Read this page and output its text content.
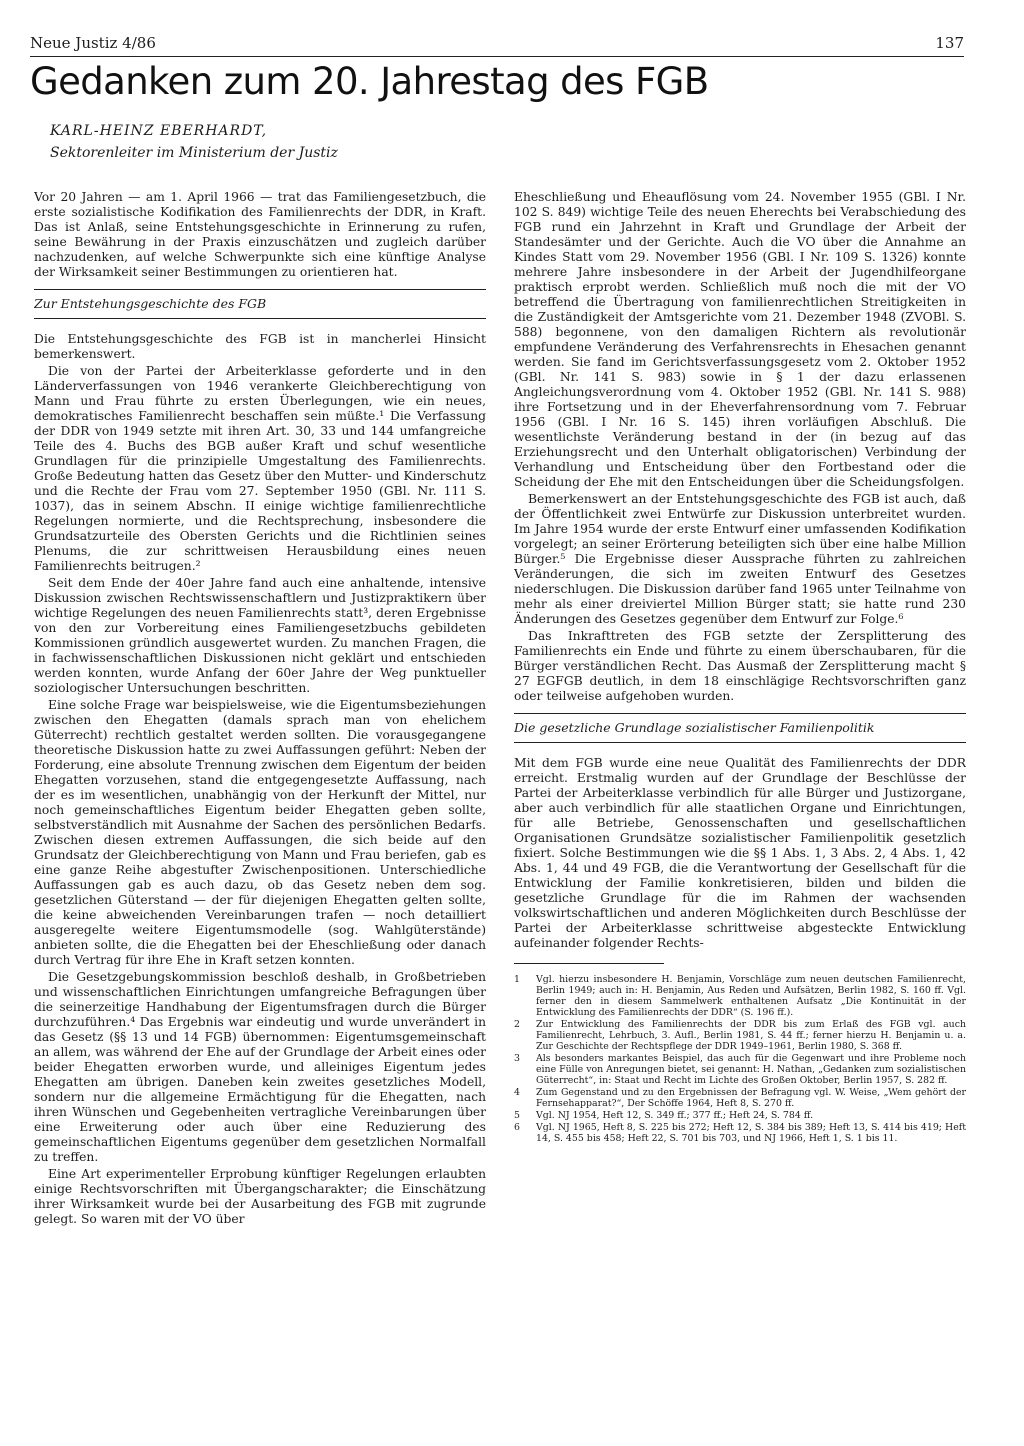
Neue Justiz 4/86	137
Gedanken zum 20. Jahrestag des FGB

KARL-HEINZ EBERHARDT,

Sektorenleiter im Ministerium der Justiz

Vor 20 Jahren — am 1. April 1966 — trat das Familiengesetzbuch, die erste sozialistische Kodifikation des Familienrechts der DDR, in Kraft. Das ist Anlaß, seine Entstehungsgeschichte in Erinnerung zu rufen, seine Bewährung in der Praxis einzuschätzen und zugleich darüber nachzudenken, auf welche Schwerpunkte sich eine künftige Analyse der Wirksamkeit seiner Bestimmungen zu orientieren hat.

Zur Entstehungsgeschichte des FGB

Die Entstehungsgeschichte des FGB ist in mancherlei Hinsicht bemerkenswert.

Die von der Partei der Arbeiterklasse geforderte und in den Länderverfassungen von 1946 verankerte Gleichberechtigung von Mann und Frau führte zu ersten Überlegungen, wie ein neues, demokratisches Familienrecht beschaffen sein müßte.¹ Die Verfassung der DDR von 1949 setzte mit ihren Art. 30, 33 und 144 umfangreiche Teile des 4. Buchs des BGB außer Kraft und schuf wesentliche Grundlagen für die prinzipielle Umgestaltung des Familienrechts. Große Bedeutung hatten das Gesetz über den Mutter- und Kinderschutz und die Rechte der Frau vom 27. September 1950 (GBl. Nr. 111 S. 1037), das in seinem Abschn. II einige wichtige familienrechtliche Regelungen normierte, und die Rechtsprechung, insbesondere die Grundsatzurteile des Obersten Gerichts und die Richtlinien seines Plenums, die zur schrittweisen Herausbildung eines neuen Familienrechts beitrugen.²

Seit dem Ende der 40er Jahre fand auch eine anhaltende, intensive Diskussion zwischen Rechtswissenschaftlern und Justizpraktikern über wichtige Regelungen des neuen Familienrechts statt³, deren Ergebnisse von den zur Vorbereitung eines Familiengesetzbuchs gebildeten Kommissionen gründlich ausgewertet wurden. Zu manchen Fragen, die in fachwissenschaftlichen Diskussionen nicht geklärt und entschieden werden konnten, wurde Anfang der 60er Jahre der Weg punktueller soziologischer Untersuchungen beschritten.

Eine solche Frage war beispielsweise, wie die Eigentumsbeziehungen zwischen den Ehegatten (damals sprach man von ehelichem Güterrecht) rechtlich gestaltet werden sollten. Die vorausgegangene theoretische Diskussion hatte zu zwei Auffassungen geführt: Neben der Forderung, eine absolute Trennung zwischen dem Eigentum der beiden Ehegatten vorzusehen, stand die entgegengesetzte Auffassung, nach der es im wesentlichen, unabhängig von der Herkunft der Mittel, nur noch gemeinschaftliches Eigentum beider Ehegatten geben sollte, selbstverständlich mit Ausnahme der Sachen des persönlichen Bedarfs. Zwischen diesen extremen Auffassungen, die sich beide auf den Grundsatz der Gleichberechtigung von Mann und Frau beriefen, gab es eine ganze Reihe abgestufter Zwischenpositionen. Unterschiedliche Auffassungen gab es auch dazu, ob das Gesetz neben dem sog. gesetzlichen Güterstand — der für diejenigen Ehegatten gelten sollte, die keine abweichenden Vereinbarungen trafen — noch detailliert ausgeregelte weitere Eigentumsmodelle (sog. Wahlgüterstände) anbieten sollte, die die Ehegatten bei der Eheschließung oder danach durch Vertrag für ihre Ehe in Kraft setzen konnten.

Die Gesetzgebungskommission beschloß deshalb, in Großbetrieben und wissenschaftlichen Einrichtungen umfangreiche Befragungen über die seinerzeitige Handhabung der Eigentumsfragen durch die Bürger durchzuführen.⁴ Das Ergebnis war eindeutig und wurde unverändert in das Gesetz (§§ 13 und 14 FGB) übernommen: Eigentumsgemeinschaft an allem, was während der Ehe auf der Grundlage der Arbeit eines oder beider Ehegatten erworben wurde, und alleiniges Eigentum jedes Ehegatten am übrigen. Daneben kein zweites gesetzliches Modell, sondern nur die allgemeine Ermächtigung für die Ehegatten, nach ihren Wünschen und Gegebenheiten vertragliche Vereinbarungen über eine Erweiterung oder auch über eine Reduzierung des gemeinschaftlichen Eigentums gegenüber dem gesetzlichen Normalfall zu treffen.

Eine Art experimenteller Erprobung künftiger Regelungen erlaubten einige Rechtsvorschriften mit Übergangscharakter; die Einschätzung ihrer Wirksamkeit wurde bei der Ausarbeitung des FGB mit zugrunde gelegt. So waren mit der VO über

Eheschließung und Eheauflösung vom 24. November 1955 (GBl. I Nr. 102 S. 849) wichtige Teile des neuen Eherechts bei Verabschiedung des FGB rund ein Jahrzehnt in Kraft und Grundlage der Arbeit der Standesämter und der Gerichte. Auch die VO über die Annahme an Kindes Statt vom 29. November 1956 (GBl. I Nr. 109 S. 1326) konnte mehrere Jahre insbesondere in der Arbeit der Jugendhilfeorgane praktisch erprobt werden. Schließlich muß noch die mit der VO betreffend die Übertragung von familienrechtlichen Streitigkeiten in die Zuständigkeit der Amtsgerichte vom 21. Dezember 1948 (ZVOBl. S. 588) begonnene, von den damaligen Richtern als revolutionär empfundene Veränderung des Verfahrensrechts in Ehesachen genannt werden. Sie fand im Gerichtsverfassungsgesetz vom 2. Oktober 1952 (GBl. Nr. 141 S. 983) sowie in § 1 der dazu erlassenen Angleichungsverordnung vom 4. Oktober 1952 (GBl. Nr. 141 S. 988) ihre Fortsetzung und in der Eheverfahrensordnung vom 7. Februar 1956 (GBl. I Nr. 16 S. 145) ihren vorläufigen Abschluß. Die wesentlichste Veränderung bestand in der (in bezug auf das Erziehungsrecht und den Unterhalt obligatorischen) Verbindung der Verhandlung und Entscheidung über den Fortbestand oder die Scheidung der Ehe mit den Entscheidungen über die Scheidungsfolgen.

Bemerkenswert an der Entstehungsgeschichte des FGB ist auch, daß der Öffentlichkeit zwei Entwürfe zur Diskussion unterbreitet wurden. Im Jahre 1954 wurde der erste Entwurf einer umfassenden Kodifikation vorgelegt; an seiner Erörterung beteiligten sich über eine halbe Million Bürger.⁵ Die Ergebnisse dieser Aussprache führten zu zahlreichen Veränderungen, die sich im zweiten Entwurf des Gesetzes niederschlugen. Die Diskussion darüber fand 1965 unter Teilnahme von mehr als einer dreiviertel Million Bürger statt; sie hatte rund 230 Änderungen des Gesetzes gegenüber dem Entwurf zur Folge.⁶

Das Inkrafttreten des FGB setzte der Zersplitterung des Familienrechts ein Ende und führte zu einem überschaubaren, für die Bürger verständlichen Recht. Das Ausmaß der Zersplitterung macht § 27 EGFGB deutlich, in dem 18 einschlägige Rechtsvorschriften ganz oder teilweise aufgehoben wurden.

Die gesetzliche Grundlage sozialistischer Familienpolitik

Mit dem FGB wurde eine neue Qualität des Familienrechts der DDR erreicht. Erstmalig wurden auf der Grundlage der Beschlüsse der Partei der Arbeiterklasse verbindlich für alle Bürger und Justizorgane, aber auch verbindlich für alle staatlichen Organe und Einrichtungen, für alle Betriebe, Genossenschaften und gesellschaftlichen Organisationen Grundsätze sozialistischer Familienpolitik gesetzlich fixiert. Solche Bestimmungen wie die §§ 1 Abs. 1, 3 Abs. 2, 4 Abs. 1, 42 Abs. 1, 44 und 49 FGB, die die Verantwortung der Gesellschaft für die Entwicklung der Familie konkretisieren, bilden und bilden die gesetzliche Grundlage für die im Rahmen der wachsenden volkswirtschaftlichen und anderen Möglichkeiten durch Beschlüsse der Partei der Arbeiterklasse schrittweise abgesteckte Entwicklung aufeinander folgender Rechts-

1	Vgl. hierzu insbesondere H. Benjamin, Vorschläge zum neuen deutschen Familienrecht, Berlin 1949; auch in: H. Benjamin, Aus Reden und Aufsätzen, Berlin 1982, S. 160 ff. Vgl. ferner den in diesem Sammelwerk enthaltenen Aufsatz „Die Kontinuität in der Entwicklung des Familienrechts der DDR“ (S. 196 ff.).
2	Zur Entwicklung des Familienrechts der DDR bis zum Erlaß des FGB vgl. auch Familienrecht, Lehrbuch, 3. Aufl., Berlin 1981, S. 44 ff.; ferner hierzu H. Benjamin u. a. Zur Geschichte der Rechtspflege der DDR 1949–1961, Berlin 1980, S. 368 ff.
3	Als besonders markantes Beispiel, das auch für die Gegenwart und ihre Probleme noch eine Fülle von Anregungen bietet, sei genannt: H. Nathan, „Gedanken zum sozialistischen Güterrecht“, in: Staat und Recht im Lichte des Großen Oktober, Berlin 1957, S. 282 ff.
4	Zum Gegenstand und zu den Ergebnissen der Befragung vgl. W. Weise, „Wem gehört der Fernsehapparat?“, Der Schöffe 1964, Heft 8, S. 270 ff.
5	Vgl. NJ 1954, Heft 12, S. 349 ff.; 377 ff.; Heft 24, S. 784 ff.
6	Vgl. NJ 1965, Heft 8, S. 225 bis 272; Heft 12, S. 384 bis 389; Heft 13, S. 414 bis 419; Heft 14, S. 455 bis 458; Heft 22, S. 701 bis 703, und NJ 1966, Heft 1, S. 1 bis 11.
